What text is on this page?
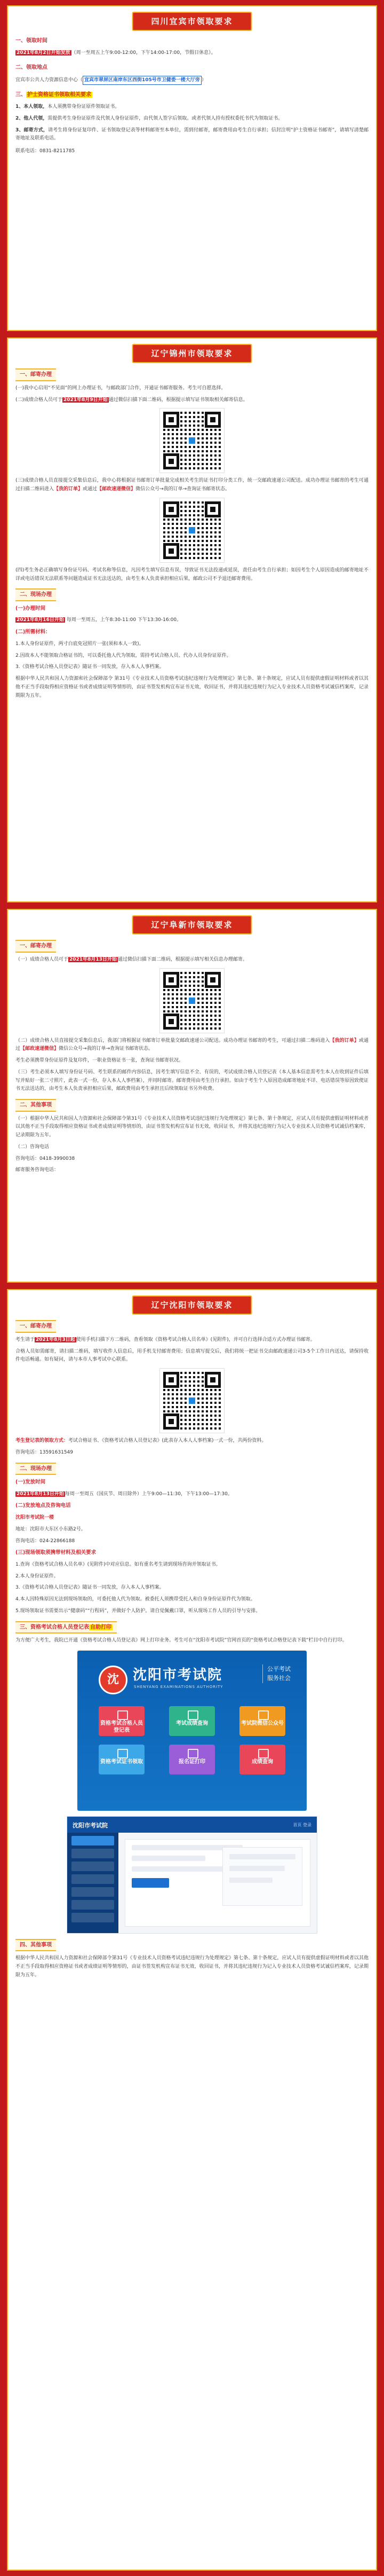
四川宜宾市领取要求
一、领取时间

2021年8月2日开始发放 （周一至周五上午9:00-12:00，下午14:00-17:00，节假日休息）。

二、领取地点

宜宾市公共人力资源信息中心（ 宜宾市翠屏区南岸东区西街105号市卫健委一楼大厅旁 ）

三、 护士资格证书领取相关要求

1、本人领取，本人须携带身份证原件领取证书。

2、他人代领，需提供考生身份证原件及代领人身份证原件，由代领人签字后领取。或者代领人持有授权委托书代为领取证书。

3、邮寄方式，请考生将身份证复印件、证书领取登记表等材料邮寄至本单位，需到付邮寄，邮寄费用由考生自行承担；信封注明“护士资格证书邮寄”，请填写清楚邮寄地址及联系电话。

联系电话：0831-8211785

辽宁锦州市领取要求
一、邮寄办理

(一)我中心启用“不见面”的网上办理证书，与邮政部门合作，开通证书邮寄服务。考生可自愿选择。

(二)成绩合格人员可于 2021年8月9日开始 通过微信扫描下面二维码，根据提示填写证书领取相关邮寄信息。

(三)成绩合格人员直接提交采集信息后，我中心将根据证书邮寄订单批量完成相关考生的证书打印分类工作，统一交邮政速递公司配送。成功办理证书邮寄的考生可通过扫描二维码进入【我的订单】或通过【邮政速递微信】微信公众号→我的订单→查询证书邮寄状态。

(四)考生务必正确填写身份证号码、考试名称等信息，凡因考生填写信息有误，导致证书无法投递或延误，责任由考生自行承担；如因考生个人原因造成的邮寄地址不详或电话错误无法联系等问题造成证书无法送达的，由考生本人负责承担相应后果，邮政公司不予退还邮寄费用。

二、现场办理
(一)办理时间

2021年8月16日开始 每周一至周五，上午8:30-11:00 下午13:30-16:00。

(二)所需材料：

1.本人身份证原件，两寸白底免冠照片一张(须和本人一致)。

2.因故本人不能领取合格证书的，可以委托他人代为领取，需持考试合格人员、代办人员身份证原件。

3.《资格考试合格人员登记表》随证书一同发放，存入本人人事档案。

根据中华人民共和国人力资源和社会保障部令 第31号《专业技术人员资格考试违纪违规行为处理规定》第七条、第十条规定，应试人员有提供虚假证明材料或者以其他不正当手段取得相应资格证书或者成绩证明等情形的，由证书签发机构宣布证书无效，收回证书，并将其违纪违规行为记入专业技术人员资格考试诚信档案库，记录期限为五年。

辽宁阜新市领取要求
一、邮寄办理

（一）成绩合格人员可于 2021年8月13日开始 通过微信扫描下面二维码，根据提示填写相关信息办理邮寄。

（二）成绩合格人员直接提交采集信息后，我部门将根据证书邮寄订单批量交邮政速递公司配送。成功办理证书邮寄的考生，可通过扫描二维码进入【我的订单】或通过【邮政速递微信】微信公众号→我的订单→查询证书邮寄状态。

考生必须携带身份证原件及复印件，一职业资格证书一张，查询证书邮寄状况。

（三）考生必须本人填写身份证号码、考生联系的邮件内容信息，因考生填写信息不全、有误的，考试成绩合格人员登记表（本人基本信息需考生本人在收到证件后填写并贴好一张二寸照片，此表一式一份，存入本人人事档案），并同时邮寄。邮寄费用由考生自行承担。如由于考生个人原因造成邮寄地址不详、电话错误等原因致使证书无法送达的，由考生本人负责承担相应后果，邮政费用由考生承担且后续领取证书另外收费。

二、其他事项

（一）根据中华人民共和国人力资源和社会保障部令第31号《专业技术人员资格考试违纪违规行为处理规定》第七条、第十条规定，应试人员有提供虚假证明材料或者以其他不正当手段取得相应资格证书或者成绩证明等情形的，由证书签发机构宣布证书无效，收回证书，并将其违纪违规行为记入专业技术人员资格考试诚信档案库，记录期限为五年。

（二）咨询电话

咨询电话：0418-3990038

邮寄服务咨询电话：

辽宁沈阳市领取要求
一、邮寄办理

考生请于 2021年8月3日起 使用手机扫描下方二维码，查看领取《资格考试合格人员名单》(见附件)，并可自行选择合适方式办理证书邮寄。

合格人员如需邮寄，请扫描二维码，填写收件人信息后，用手机支付邮寄费用；信息填写提交后，我们将统一把证书交由邮政速递公司3-5个工作日内送达，请保持收件电话畅通。如有疑问，请与本市人事考试中心联系。

考生登记表的领取方式：考试合格证书、《资格考试合格人员登记表》(此表存入本人人事档案)一式一份，共两份资料。

咨询电话：13591631549

二、现场办理
(一)发放时间

2021年8月13日开始 每周一至周五（国庆节、周日除外）上午9:00—11:30，下午13:00—17:30。

(二)发放地点及咨询电话

沈阳市考试院一楼

地址：沈阳市大东区小东路2号。

咨询电话：024-22866188

(三)现场领取须携带材料及相关要求

1.查询《资格考试合格人员名单》(见附件)中对应信息。如有重名考生请到现场咨询并领取证书。

2.本人身份证原件。

3.《资格考试合格人员登记表》随证书一同发放，存入本人人事档案。

4.本人因特殊原因无法到现场领取的，可委托他人代为领取。被委托人须携带受托人和自身身份证原件代为领取。

5.现场领取证书需要出示“健康码”“行程码”，并做好个人防护。请自觉佩戴口罩，听从现场工作人员的引导与安排。

三、资格考试合格人员登记表 自助打印

为方便广大考生，我院已开通《资格考试合格人员登记表》网上打印业务。考生可在“沈阳市考试院”官网首页的“资格考试合格登记表下载”栏目中自行打印。

沈	沈阳市考试院
SHENYANG EXAMINATIONS AUTHORITY
公平考试
服务社会
资格考试合格人员登记表
考试成绩查询	考试院微信公众号
资格考试证书领取	报名证打印	成绩查询
沈阳市考试院	首页 登录
四、其他事项

根据中华人民共和国人力资源和社会保障部令第31号《专业技术人员资格考试违纪违规行为处理规定》第七条、第十条规定，应试人员有提供虚假证明材料或者以其他不正当手段取得相应资格证书或者成绩证明等情形的，由证书签发机构宣布证书无效，收回证书，并将其违纪违规行为记入专业技术人员资格考试诚信档案库，记录期限为五年。
